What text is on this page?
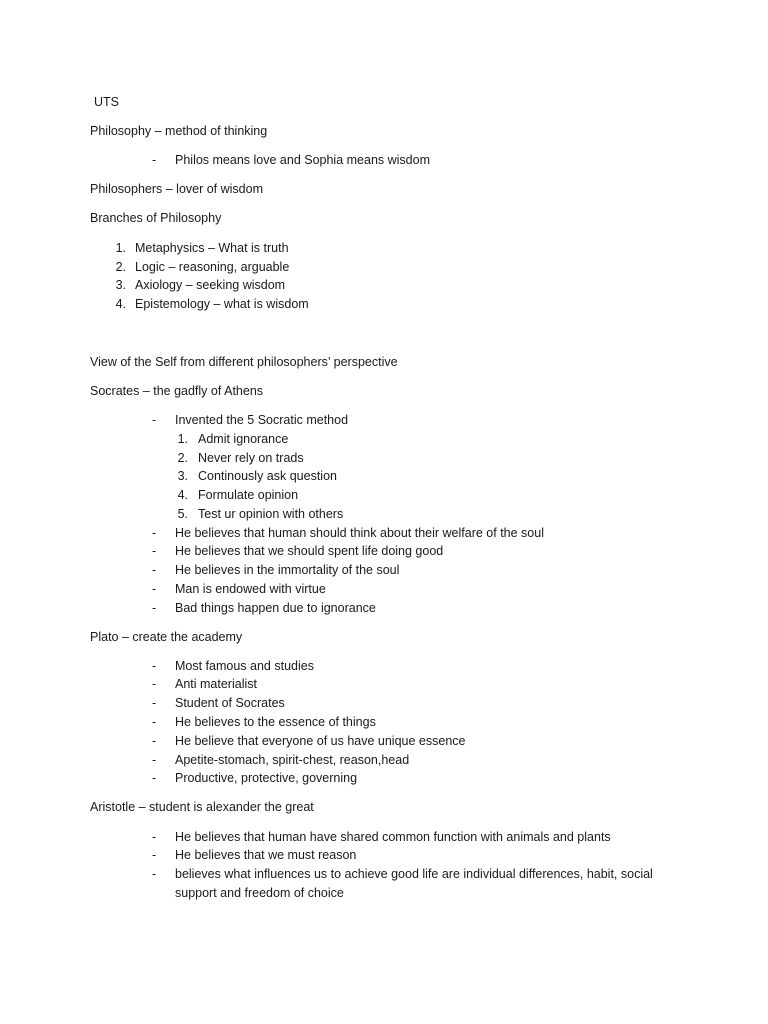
UTS
Philosophy – method of thinking
- Philos means love and Sophia means wisdom
Philosophers – lover of wisdom
Branches of Philosophy
1. Metaphysics – What is truth
2. Logic – reasoning, arguable
3. Axiology – seeking wisdom
4. Epistemology – what is wisdom
View of the Self from different philosophers’ perspective
Socrates – the gadfly of Athens
- Invented the 5 Socratic method
1. Admit ignorance
2. Never rely on trads
3. Continously ask question
4. Formulate opinion
5. Test ur opinion with others
- He believes that human should think about their welfare of the soul
- He believes that we should spent life doing good
- He believes in the immortality of the soul
- Man is endowed with virtue
- Bad things happen due to ignorance
Plato – create the academy
- Most famous and studies
- Anti materialist
- Student of Socrates
- He believes to the essence of things
- He believe that everyone of us have unique essence
- Apetite-stomach, spirit-chest, reason,head
- Productive, protective, governing
Aristotle – student is alexander the great
- He believes that human have shared common function with animals and plants
- He believes that we must reason
- believes what influences us to achieve good life are individual differences, habit, social
support and freedom of choice
